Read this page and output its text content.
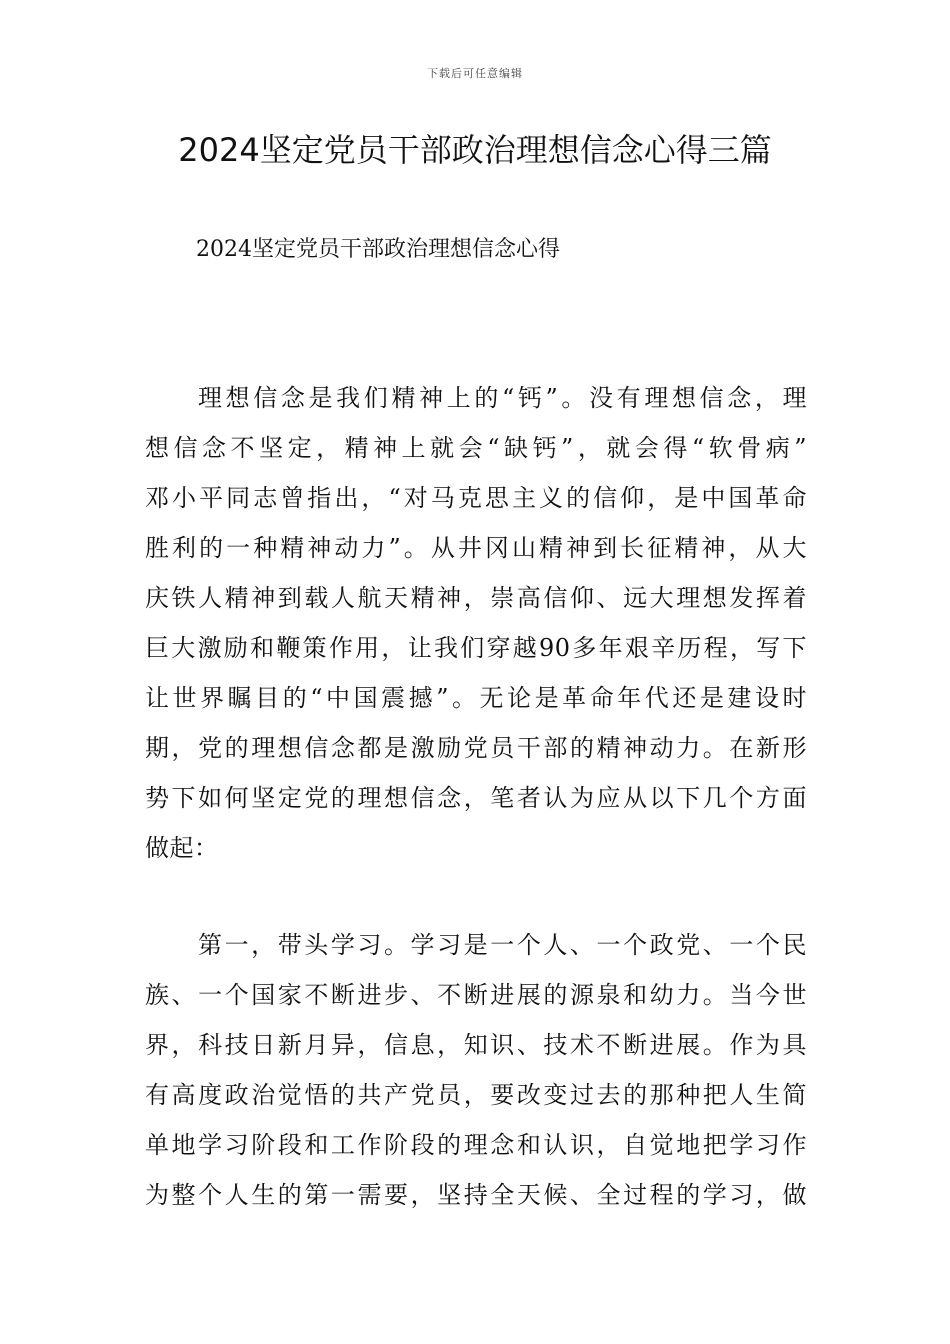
下载后可任意编辑
2024坚定党员干部政治理想信念心得三篇

2024坚定党员干部政治理想信念心得

理想信念是我们精神上的“钙”。没有理想信念，理
想信念不坚定，精神上就会“缺钙”，就会得“软骨病”
邓小平同志曾指出，“对马克思主义的信仰，是中国革命
胜利的一种精神动力”。从井冈山精神到长征精神，从大
庆铁人精神到载人航天精神，崇高信仰、远大理想发挥着
巨大激励和鞭策作用，让我们穿越90多年艰辛历程，写下
让世界瞩目的“中国震撼”。无论是革命年代还是建设时
期，党的理想信念都是激励党员干部的精神动力。在新形
势下如何坚定党的理想信念，笔者认为应从以下几个方面
做起：
第一，带头学习。学习是一个人、一个政党、一个民
族、一个国家不断进步、不断进展的源泉和幼力。当今世
界，科技日新月异，信息，知识、技术不断进展。作为具
有高度政治觉悟的共产党员，要改变过去的那种把人生简
单地学习阶段和工作阶段的理念和认识，自觉地把学习作
为整个人生的第一需要，坚持全天候、全过程的学习，做
